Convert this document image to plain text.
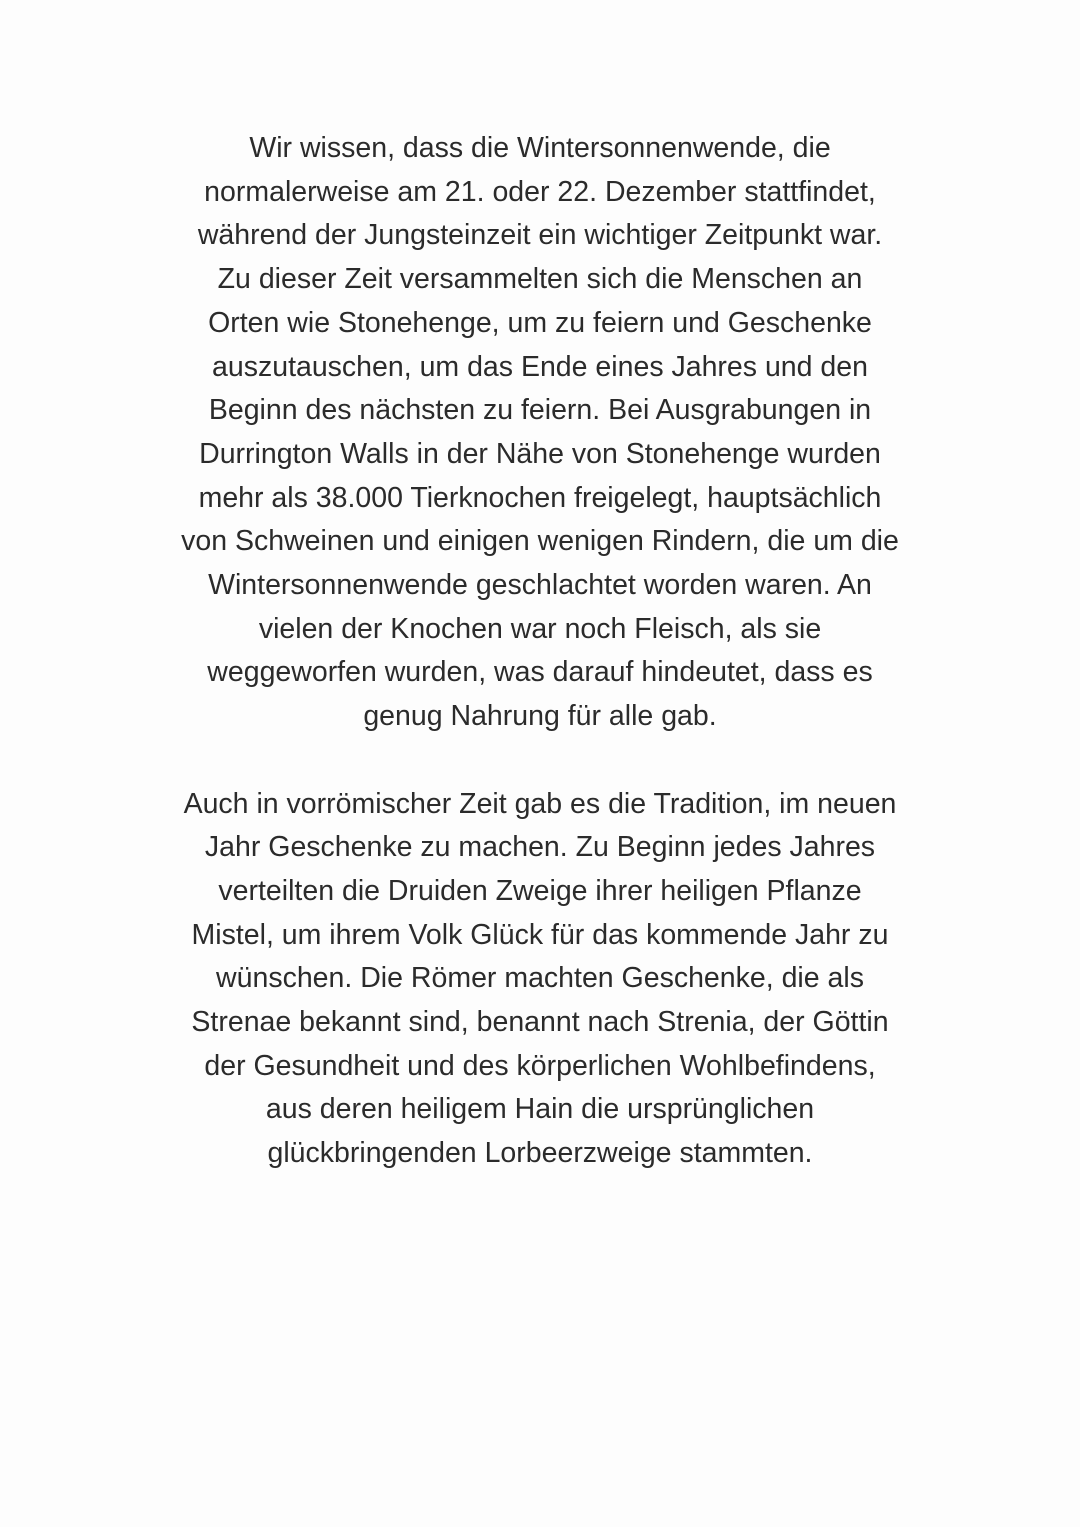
Wir wissen, dass die Wintersonnenwende, die
normalerweise am 21. oder 22. Dezember stattfindet,
während der Jungsteinzeit ein wichtiger Zeitpunkt war.
Zu dieser Zeit versammelten sich die Menschen an
Orten wie Stonehenge, um zu feiern und Geschenke
auszutauschen, um das Ende eines Jahres und den
Beginn des nächsten zu feiern. Bei Ausgrabungen in
Durrington Walls in der Nähe von Stonehenge wurden
mehr als 38.000 Tierknochen freigelegt, hauptsächlich
von Schweinen und einigen wenigen Rindern, die um die
Wintersonnenwende geschlachtet worden waren. An
vielen der Knochen war noch Fleisch, als sie
weggeworfen wurden, was darauf hindeutet, dass es
genug Nahrung für alle gab.

Auch in vorrömischer Zeit gab es die Tradition, im neuen
Jahr Geschenke zu machen. Zu Beginn jedes Jahres
verteilten die Druiden Zweige ihrer heiligen Pflanze
Mistel, um ihrem Volk Glück für das kommende Jahr zu
wünschen. Die Römer machten Geschenke, die als
Strenae bekannt sind, benannt nach Strenia, der Göttin
der Gesundheit und des körperlichen Wohlbefindens,
aus deren heiligem Hain die ursprünglichen
glückbringenden Lorbeerzweige stammten.
